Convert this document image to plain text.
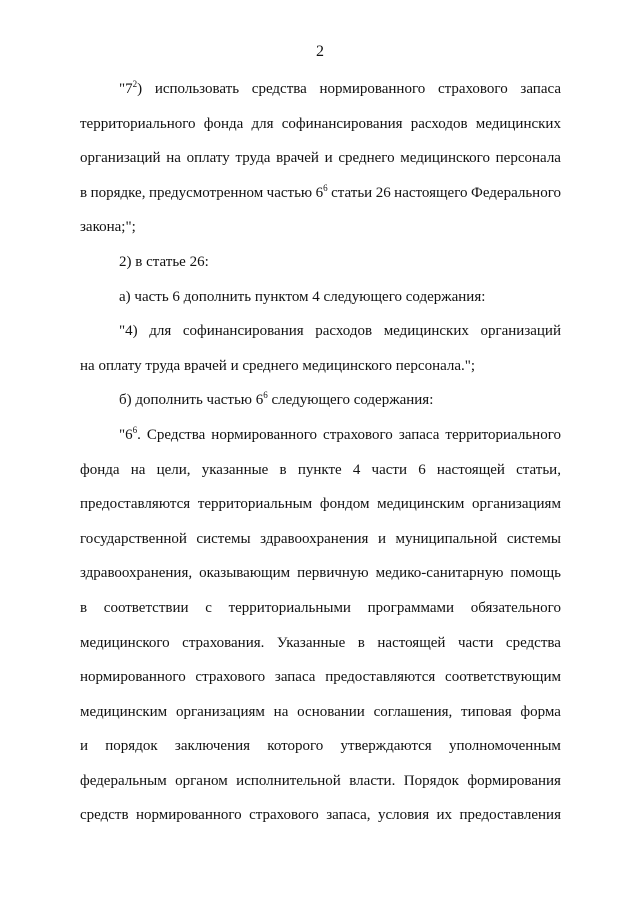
2
"$7^2$) использовать средства нормированного страхового запаса
территориального фонда для софинансирования расходов медицинских
организаций на оплату труда врачей и среднего медицинского персонала
в порядке, предусмотренном частью $6^6$ статьи 26 настоящего Федерального
закона;";
2) в статье 26:
а) часть 6 дополнить пунктом 4 следующего содержания:
"4) для софинансирования расходов медицинских организаций
на оплату труда врачей и среднего медицинского персонала.";
б) дополнить частью $6^6$ следующего содержания:
"$6^6$. Средства нормированного страхового запаса территориального
фонда на цели, указанные в пункте 4 части 6 настоящей статьи,
предоставляются территориальным фондом медицинским организациям
государственной системы здравоохранения и муниципальной системы
здравоохранения, оказывающим первичную медико-санитарную помощь
в соответствии с территориальными программами обязательного
медицинского страхования. Указанные в настоящей части средства
нормированного страхового запаса предоставляются соответствующим
медицинским организациям на основании соглашения, типовая форма
и порядок заключения которого утверждаются уполномоченным
федеральным органом исполнительной власти. Порядок формирования
средств нормированного страхового запаса, условия их предоставления
